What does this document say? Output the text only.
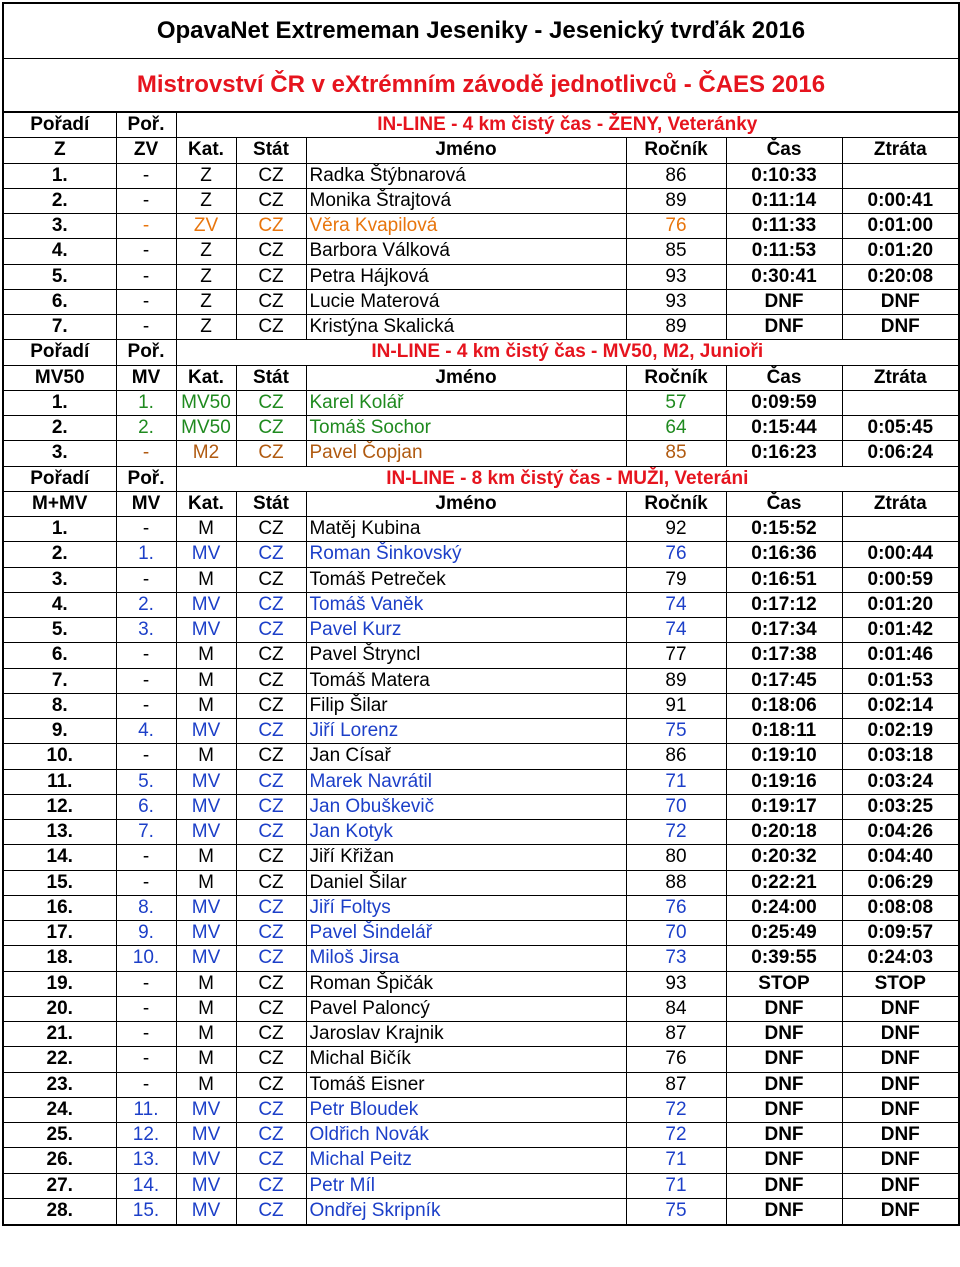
OpavaNet Extrememan Jeseniky - Jesenický tvrďák 2016
Mistrovství ČR v eXtrémním závodě jednotlivců - ČAES 2016
Pořadí	Poř.	IN-LINE - 4 km čistý čas - ŽENY, Veteránky					
Z	ZV	Kat.	Stát	Jméno	Ročník	Čas	Ztráta
1.	-	Z	CZ	Radka Štýbnarová	86	0:10:33	
2.	-	Z	CZ	Monika Štrajtová	89	0:11:14	0:00:41
3.	-	ZV	CZ	Věra Kvapilová	76	0:11:33	0:01:00
4.	-	Z	CZ	Barbora Válková	85	0:11:53	0:01:20
5.	-	Z	CZ	Petra Hájková	93	0:30:41	0:20:08
6.	-	Z	CZ	Lucie Materová	93	DNF	DNF
7.	-	Z	CZ	Kristýna Skalická	89	DNF	DNF
Pořadí	Poř.	IN-LINE - 4 km čistý čas - MV50, M2, Junioři					
MV50	MV	Kat.	Stát	Jméno	Ročník	Čas	Ztráta
1.	1.	MV50	CZ	Karel Kolář	57	0:09:59	
2.	2.	MV50	CZ	Tomáš Sochor	64	0:15:44	0:05:45
3.	-	M2	CZ	Pavel Čopjan	85	0:16:23	0:06:24
Pořadí	Poř.	IN-LINE - 8 km čistý čas - MUŽI, Veteráni					
M+MV	MV	Kat.	Stát	Jméno	Ročník	Čas	Ztráta
1.	-	M	CZ	Matěj Kubina	92	0:15:52	
2.	1.	MV	CZ	Roman Šinkovský	76	0:16:36	0:00:44
3.	-	M	CZ	Tomáš Petreček	79	0:16:51	0:00:59
4.	2.	MV	CZ	Tomáš Vaněk	74	0:17:12	0:01:20
5.	3.	MV	CZ	Pavel Kurz	74	0:17:34	0:01:42
6.	-	M	CZ	Pavel Štryncl	77	0:17:38	0:01:46
7.	-	M	CZ	Tomáš Matera	89	0:17:45	0:01:53
8.	-	M	CZ	Filip Šilar	91	0:18:06	0:02:14
9.	4.	MV	CZ	Jiří Lorenz	75	0:18:11	0:02:19
10.	-	M	CZ	Jan Císař	86	0:19:10	0:03:18
11.	5.	MV	CZ	Marek Navrátil	71	0:19:16	0:03:24
12.	6.	MV	CZ	Jan Obuškevič	70	0:19:17	0:03:25
13.	7.	MV	CZ	Jan Kotyk	72	0:20:18	0:04:26
14.	-	M	CZ	Jiří Křižan	80	0:20:32	0:04:40
15.	-	M	CZ	Daniel Šilar	88	0:22:21	0:06:29
16.	8.	MV	CZ	Jiří Foltys	76	0:24:00	0:08:08
17.	9.	MV	CZ	Pavel Šindelář	70	0:25:49	0:09:57
18.	10.	MV	CZ	Miloš Jirsa	73	0:39:55	0:24:03
19.	-	M	CZ	Roman Špičák	93	STOP	STOP
20.	-	M	CZ	Pavel Paloncý	84	DNF	DNF
21.	-	M	CZ	Jaroslav Krajnik	87	DNF	DNF
22.	-	M	CZ	Michal Bičík	76	DNF	DNF
23.	-	M	CZ	Tomáš Eisner	87	DNF	DNF
24.	11.	MV	CZ	Petr Bloudek	72	DNF	DNF
25.	12.	MV	CZ	Oldřich Novák	72	DNF	DNF
26.	13.	MV	CZ	Michal Peitz	71	DNF	DNF
27.	14.	MV	CZ	Petr Míl	71	DNF	DNF
28.	15.	MV	CZ	Ondřej Skripník	75	DNF	DNF
